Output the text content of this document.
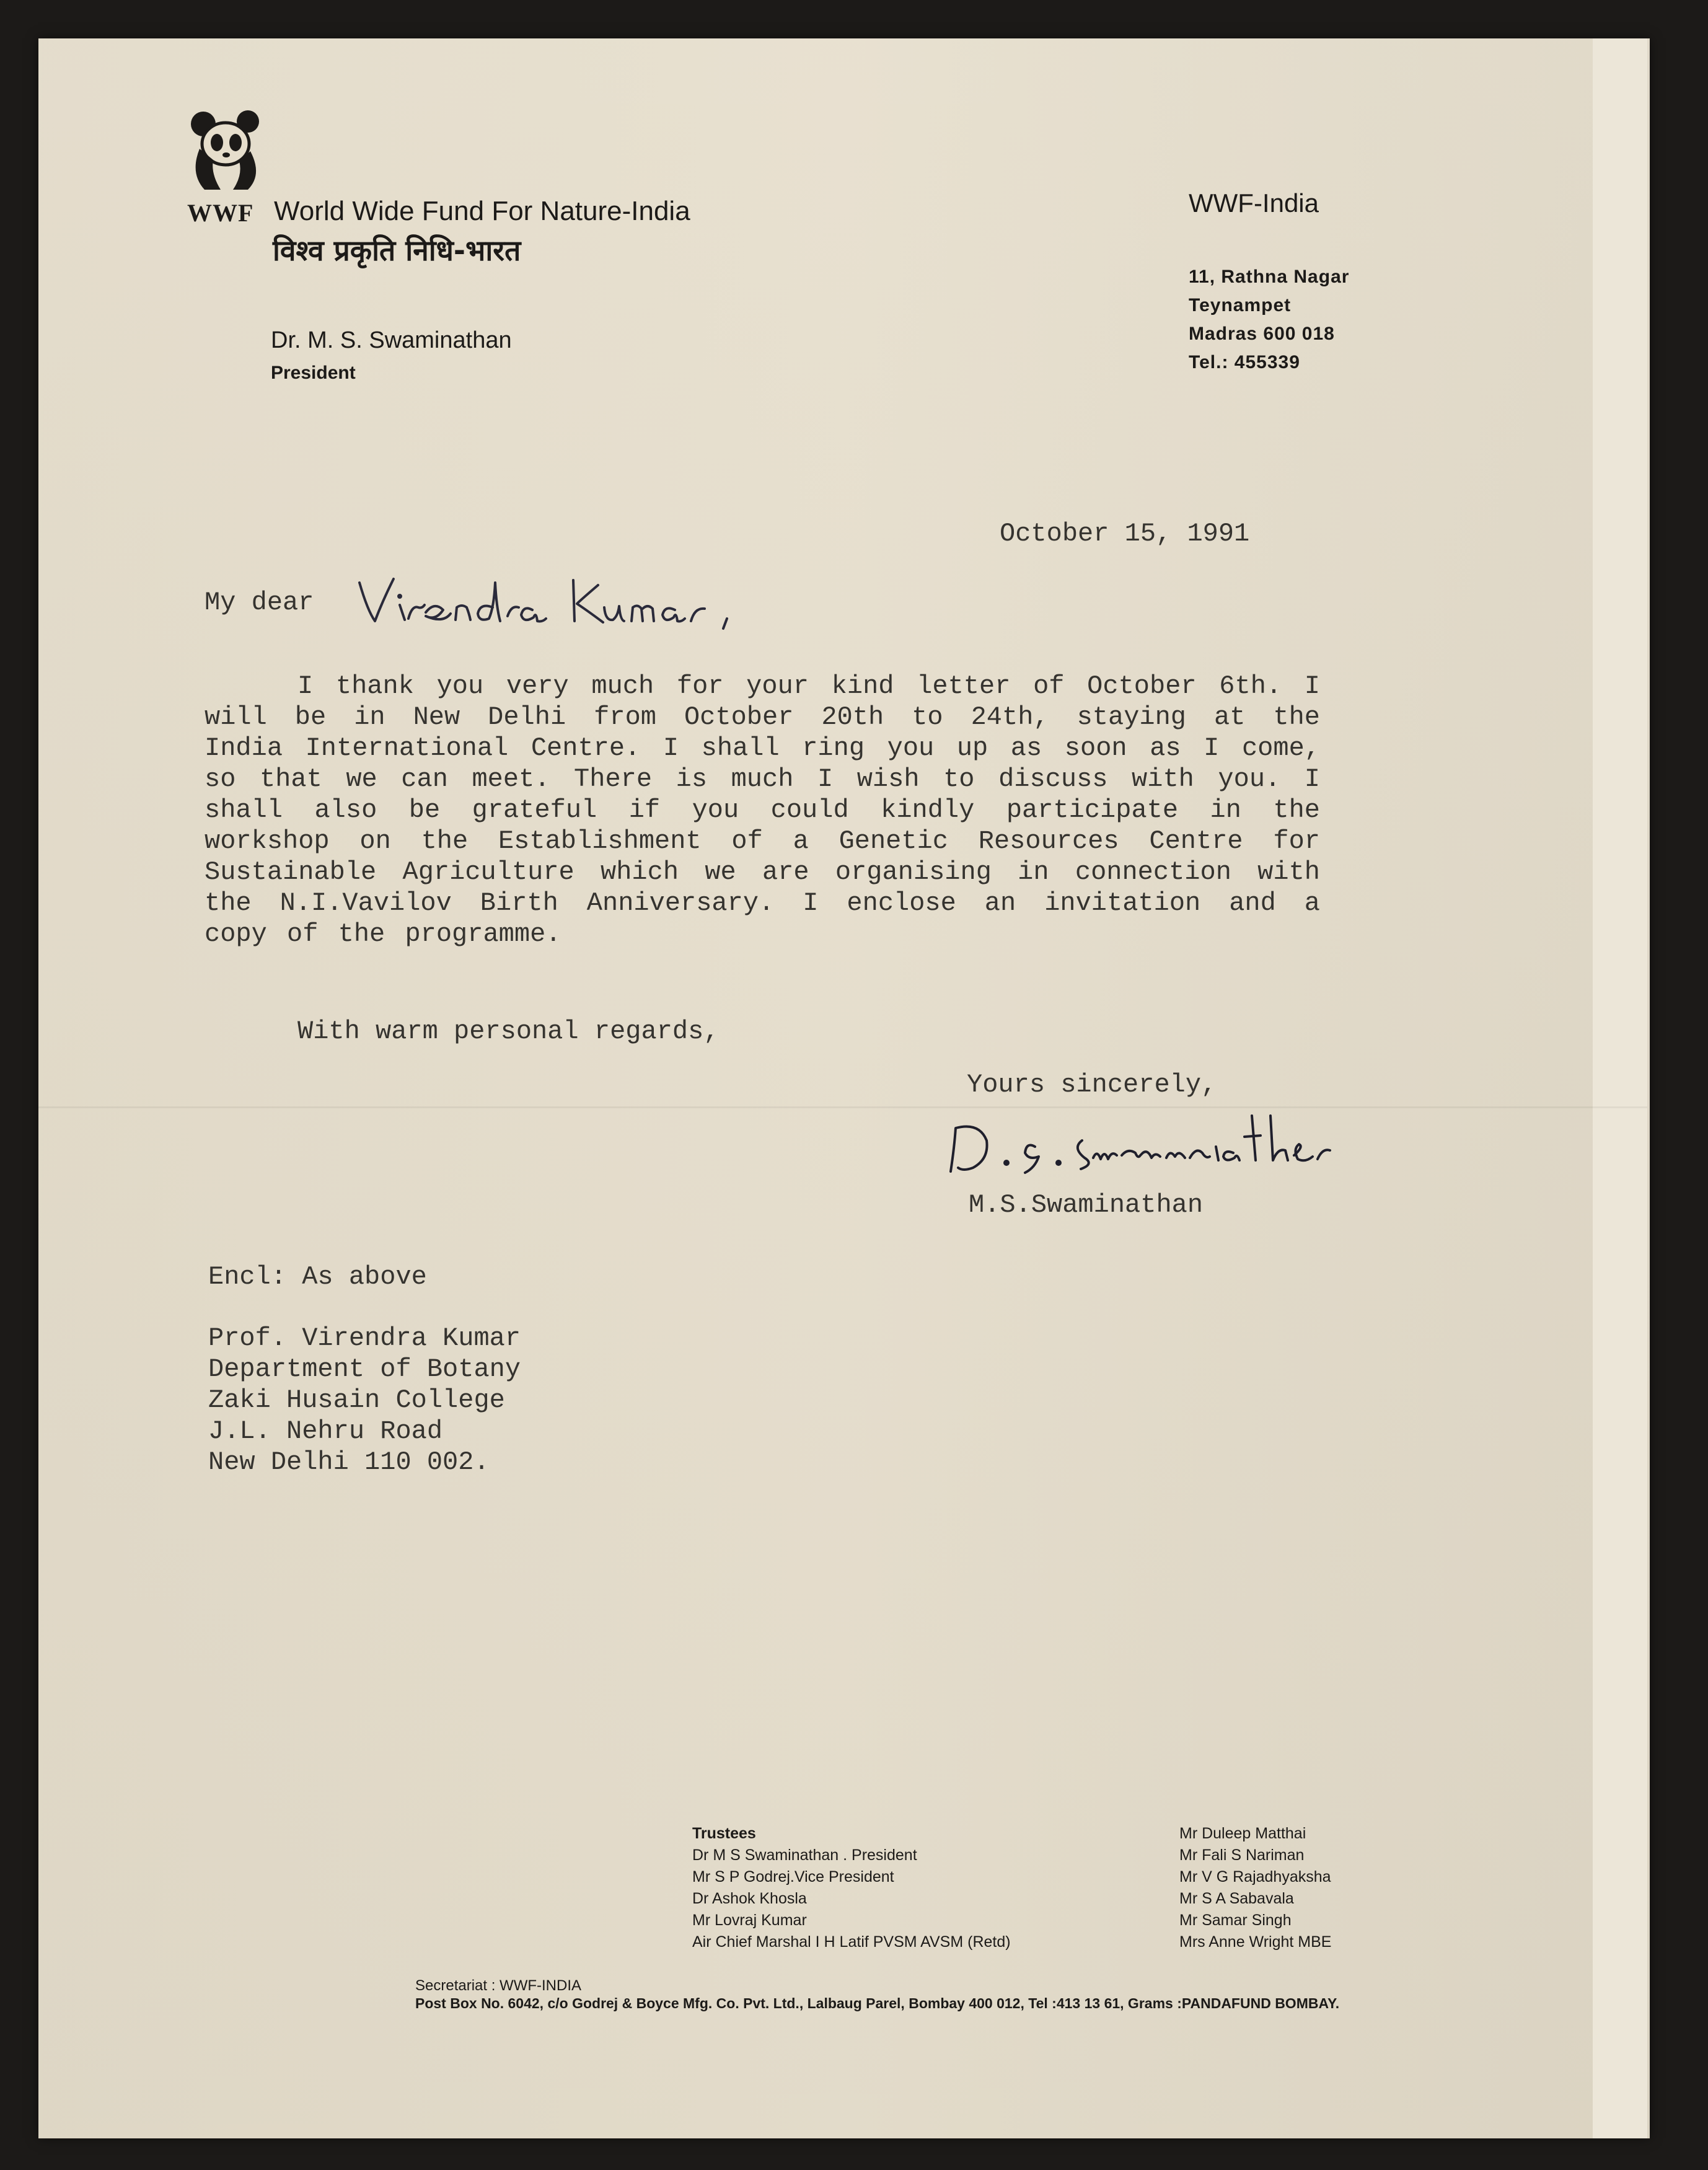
WWF World Wide Fund For Nature-India
विश्व प्रकृति निधि-भारत
Dr. M. S. Swaminathan
President
WWF-India
11, Rathna Nagar
Teynampet
Madras 600 018
Tel.: 455339
October 15, 1991
My dear

I thank you very much for your kind letter of October 6th. I will be in New Delhi from October 20th to 24th, staying at the India International Centre. I shall ring you up as soon as I come, so that we can meet. There is much I wish to discuss with you. I shall also be grateful if you could kindly participate in the workshop on the Establishment of a Genetic Resources Centre for Sustainable Agriculture which we are organising in connection with the N.I.Vavilov Birth Anniversary. I enclose an invitation and a copy of the programme.

With warm personal regards,
Yours sincerely,
M.S.Swaminathan
Encl: As above
Prof. Virendra Kumar
Department of Botany
Zaki Husain College
J.L. Nehru Road
New Delhi 110 002.
Trustees
Dr M S Swaminathan . President
Mr S P Godrej.Vice President
Dr Ashok Khosla
Mr Lovraj Kumar
Air Chief Marshal I H Latif PVSM AVSM (Retd)
Mr Duleep Matthai
Mr Fali S Nariman
Mr V G Rajadhyaksha
Mr S A Sabavala
Mr Samar Singh
Mrs Anne Wright MBE
Secretariat : WWF-INDIA
Post Box No. 6042, c/o Godrej & Boyce Mfg. Co. Pvt. Ltd., Lalbaug Parel, Bombay 400 012, Tel :413 13 61, Grams :PANDAFUND BOMBAY.
